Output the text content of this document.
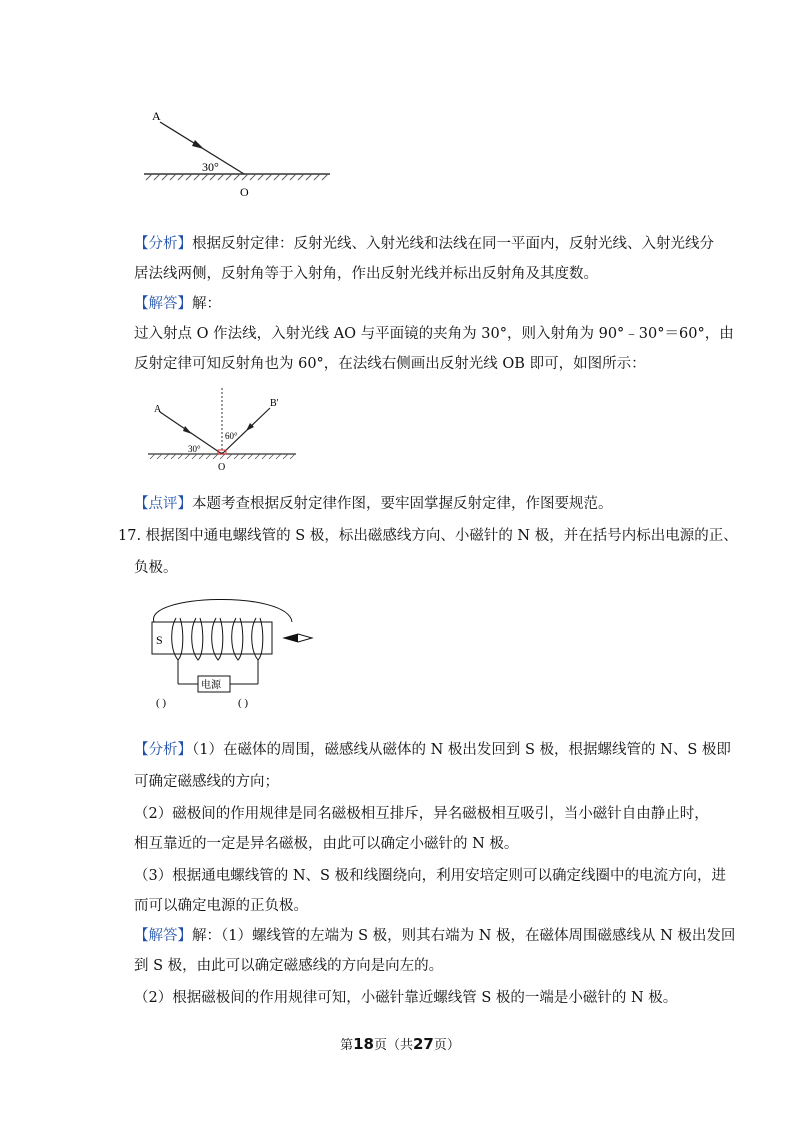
A
30°
O
【分析】根据反射定律：反射光线、入射光线和法线在同一平面内，反射光线、入射光线分
居法线两侧，反射角等于入射角，作出反射光线并标出反射角及其度数。
【解答】解：
过入射点 O 作法线，入射光线 AO 与平面镜的夹角为 30°，则入射角为 90°﹣30°＝60°，由
反射定律可知反射角也为 60°，在法线右侧画出反射光线 OB 即可，如图所示：
A
B'
30°
60°
O
【点评】本题考查根据反射定律作图，要牢固掌握反射定律，作图要规范。
17. 根据图中通电螺线管的 S 极，标出磁感线方向、小磁针的 N 极，并在括号内标出电源的正、
负极。
S
电源
( )	( )
【分析】（1）在磁体的周围，磁感线从磁体的 N 极出发回到 S 极，根据螺线管的 N、S 极即
可确定磁感线的方向；
（2）磁极间的作用规律是同名磁极相互排斥，异名磁极相互吸引，当小磁针自由静止时，
相互靠近的一定是异名磁极，由此可以确定小磁针的 N 极。
（3）根据通电螺线管的 N、S 极和线圈绕向，利用安培定则可以确定线圈中的电流方向，进
而可以确定电源的正负极。
【解答】解：（1）螺线管的左端为 S 极，则其右端为 N 极，在磁体周围磁感线从 N 极出发回
到 S 极，由此可以确定磁感线的方向是向左的。
（2）根据磁极间的作用规律可知，小磁针靠近螺线管 S 极的一端是小磁针的 N 极。
第18页（共27页）
